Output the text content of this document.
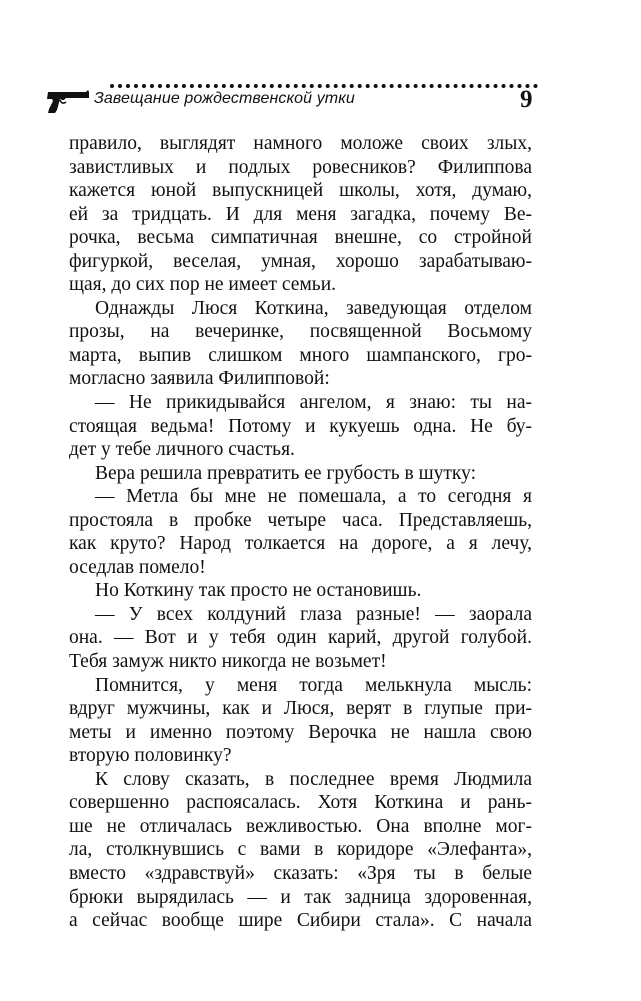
Завещание рождественской утки	9
правило, выглядят намного моложе своих злых,
завистливых и подлых ровесников? Филиппова
кажется юной выпускницей школы, хотя, думаю,
ей за тридцать. И для меня загадка, почему Ве-
рочка, весьма симпатичная внешне, со стройной
фигуркой, веселая, умная, хорошо зарабатываю-
щая, до сих пор не имеет семьи.
Однажды Люся Коткина, заведующая отделом
прозы, на вечеринке, посвященной Восьмому
марта, выпив слишком много шампанского, гро-
могласно заявила Филипповой:
— Не прикидывайся ангелом, я знаю: ты на-
стоящая ведьма! Потому и кукуешь одна. Не бу-
дет у тебе личного счастья.
Вера решила превратить ее грубость в шутку:
— Метла бы мне не помешала, а то сегодня я
простояла в пробке четыре часа. Представляешь,
как круто? Народ толкается на дороге, а я лечу,
оседлав помело!
Но Коткину так просто не остановишь.
— У всех колдуний глаза разные! — заорала
она. — Вот и у тебя один карий, другой голубой.
Тебя замуж никто никогда не возьмет!
Помнится, у меня тогда мелькнула мысль:
вдруг мужчины, как и Люся, верят в глупые при-
меты и именно поэтому Верочка не нашла свою
вторую половинку?
К слову сказать, в последнее время Людмила
совершенно распоясалась. Хотя Коткина и рань-
ше не отличалась вежливостью. Она вполне мог-
ла, столкнувшись с вами в коридоре «Элефанта»,
вместо «здравствуй» сказать: «Зря ты в белые
брюки вырядилась — и так задница здоровенная,
а сейчас вообще шире Сибири стала». С начала
